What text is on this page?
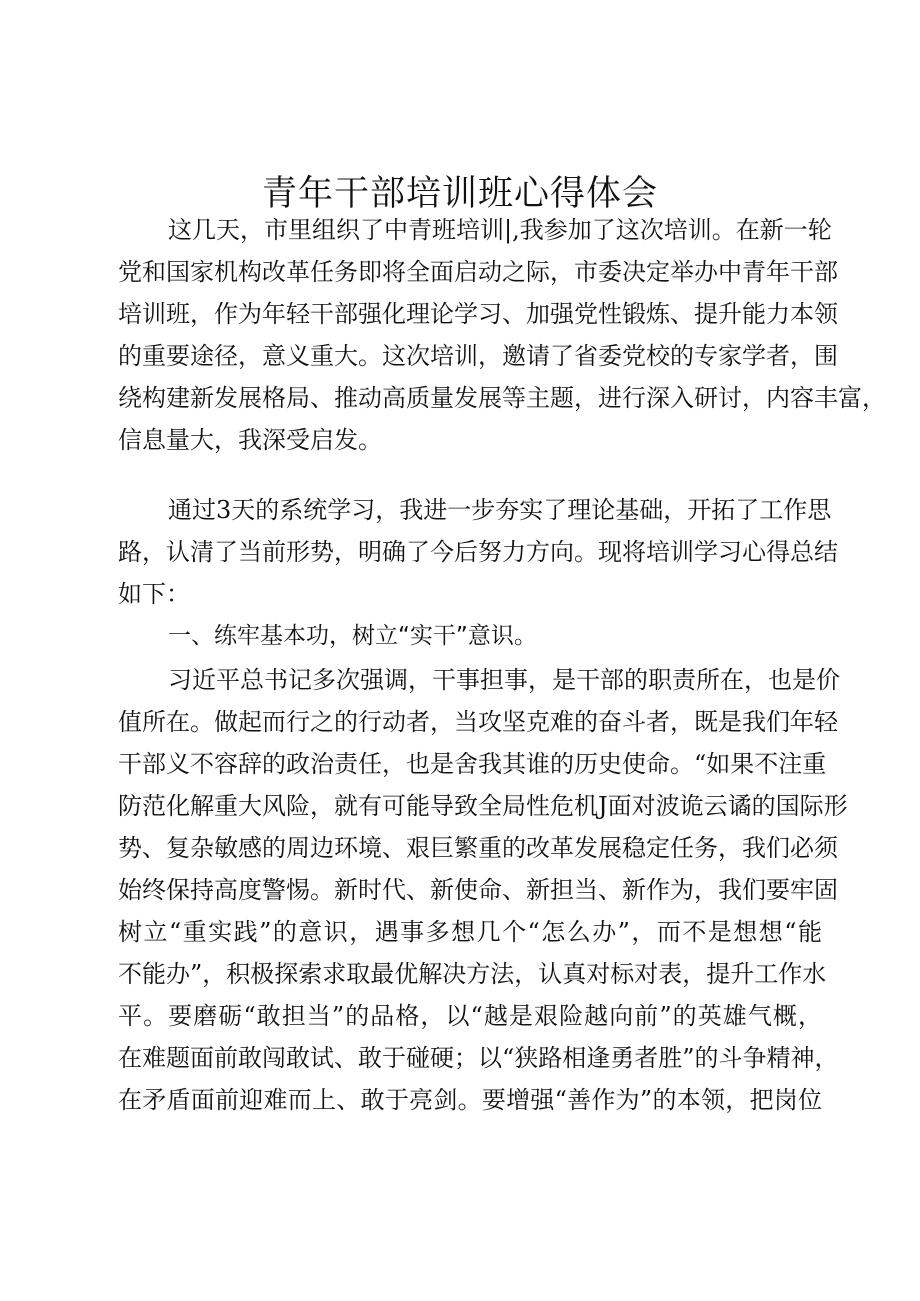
青年干部培训班心得体会
这几天，市里组织了中青班培训|,我参加了这次培训。在新一轮
党和国家机构改革任务即将全面启动之际，市委决定举办中青年干部
培训班，作为年轻干部强化理论学习、加强党性锻炼、提升能力本领
的重要途径，意义重大。这次培训，邀请了省委党校的专家学者，围
绕构建新发展格局、推动高质量发展等主题，进行深入研讨，内容丰富，
信息量大，我深受启发。
通过3天的系统学习，我进一步夯实了理论基础，开拓了工作思
路，认清了当前形势，明确了今后努力方向。现将培训学习心得总结
如下：
一、练牢基本功，树立“实干”意识。
习近平总书记多次强调，干事担事，是干部的职责所在，也是价
值所在。做起而行之的行动者，当攻坚克难的奋斗者，既是我们年轻
干部义不容辞的政治责任，也是舍我其谁的历史使命。“如果不注重
防范化解重大风险，就有可能导致全局性危机J面对波诡云谲的国际形
势、复杂敏感的周边环境、艰巨繁重的改革发展稳定任务，我们必须
始终保持高度警惕。新时代、新使命、新担当、新作为，我们要牢固
树立“重实践”的意识，遇事多想几个“怎么办”，而不是想想“能
不能办”，积极探索求取最优解决方法，认真对标对表，提升工作水
平。要磨砺“敢担当”的品格，以“越是艰险越向前”的英雄气概，
在难题面前敢闯敢试、敢于碰硬；以“狭路相逢勇者胜”的斗争精神，
在矛盾面前迎难而上、敢于亮剑。要增强“善作为”的本领，把岗位
